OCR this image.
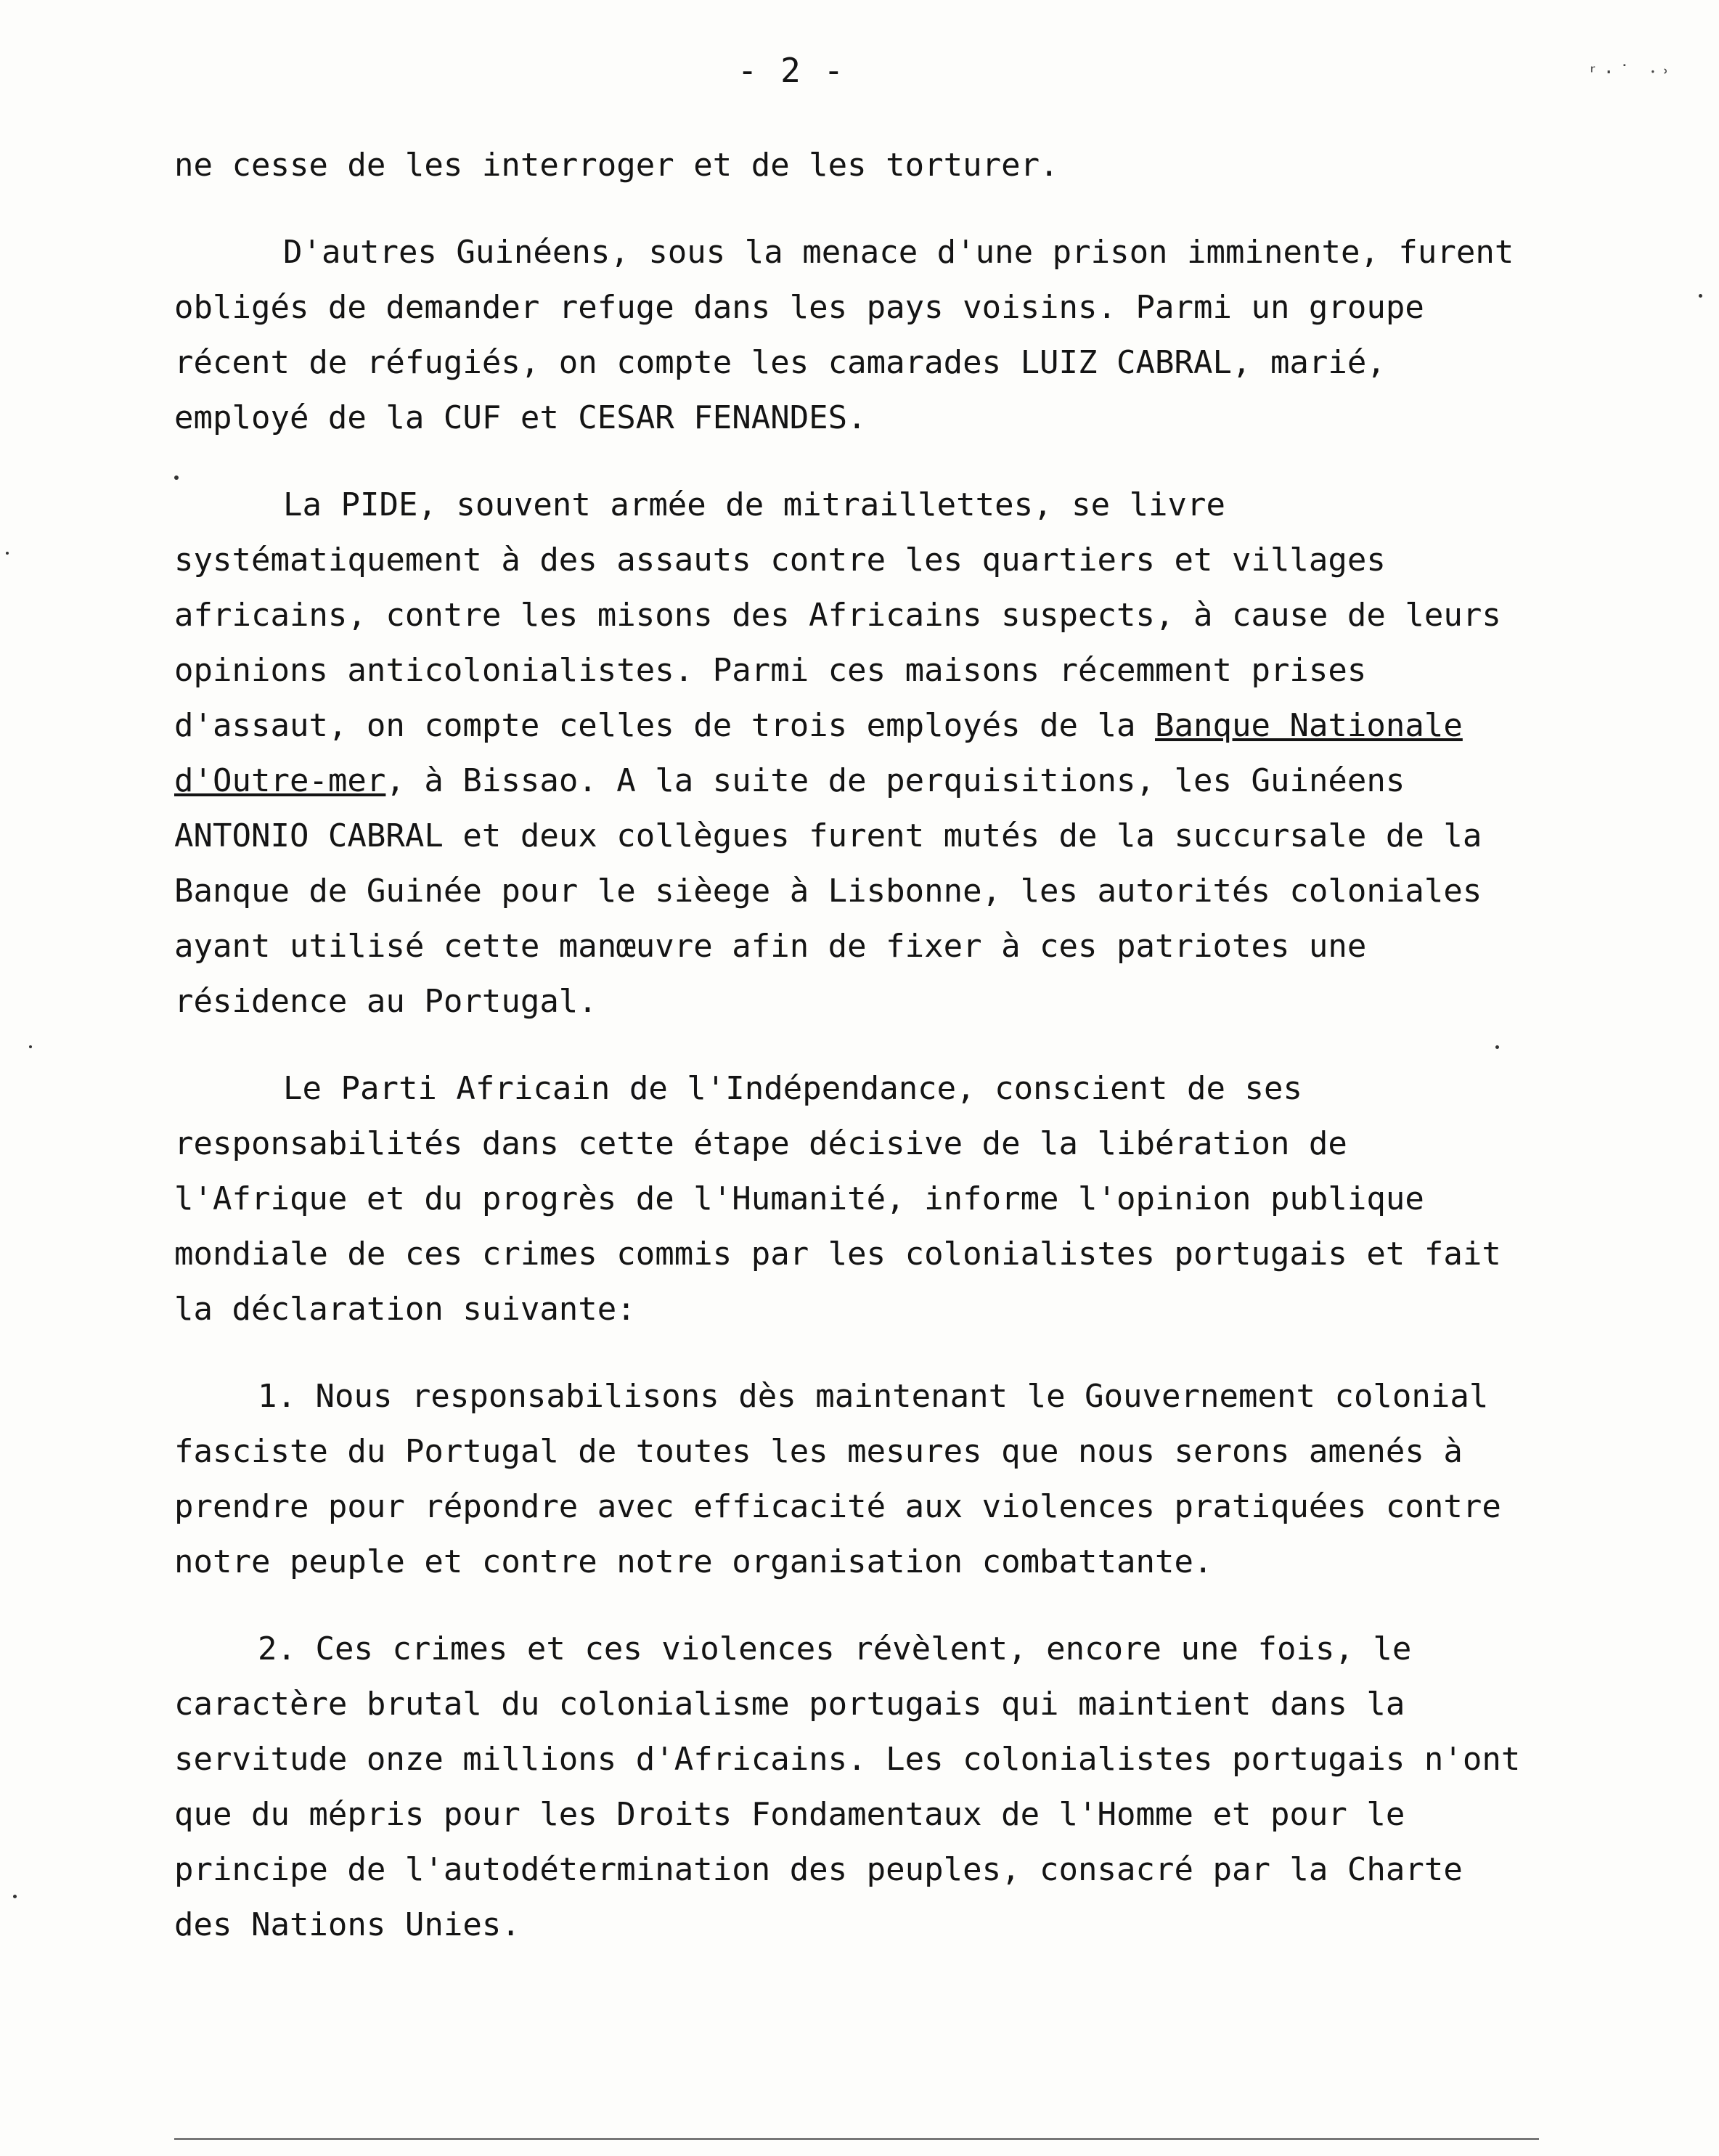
ʳ·˙ ⸱˒
- 2 -

ne cesse de les interroger et de les torturer.

D'autres Guinéens, sous la menace d'une prison imminente, furent obligés de demander refuge dans les pays voisins. Parmi un groupe récent de réfugiés, on compte les camarades LUIZ CABRAL, marié, employé de la CUF et CESAR FENANDES.

La PIDE, souvent armée de mitraillettes, se livre systématiquement à des assauts contre les quartiers et villages africains, contre les misons des Africains suspects, à cause de leurs opinions anticolonialistes. Parmi ces maisons récemment prises d'assaut, on compte celles de trois employés de la Banque Nationale d'Outre-mer, à Bissao. A la suite de perquisitions, les Guinéens ANTONIO CABRAL et deux collègues furent mutés de la succursale de la Banque de Guinée pour le sièege à Lisbonne, les autorités coloniales ayant utilisé cette manœuvre afin de fixer à ces patriotes une résidence au Portugal.

Le Parti Africain de l'Indépendance, conscient de ses responsabilités dans cette étape décisive de la libération de l'Afrique et du progrès de l'Humanité, informe l'opinion publique mondiale de ces crimes commis par les colonialistes portugais et fait la déclaration suivante:

1. Nous responsabilisons dès maintenant le Gouvernement colonial fasciste du Portugal de toutes les mesures que nous serons amenés à prendre pour répondre avec efficacité aux violences pratiquées contre notre peuple et contre notre organisation combattante.

2. Ces crimes et ces violences révèlent, encore une fois, le caractère brutal du colonialisme portugais qui maintient dans la servitude onze millions d'Africains. Les colonialistes portugais n'ont que du mépris pour les Droits Fondamentaux de l'Homme et pour le principe de l'autodétermination des peuples, consacré par la Charte des Nations Unies.
